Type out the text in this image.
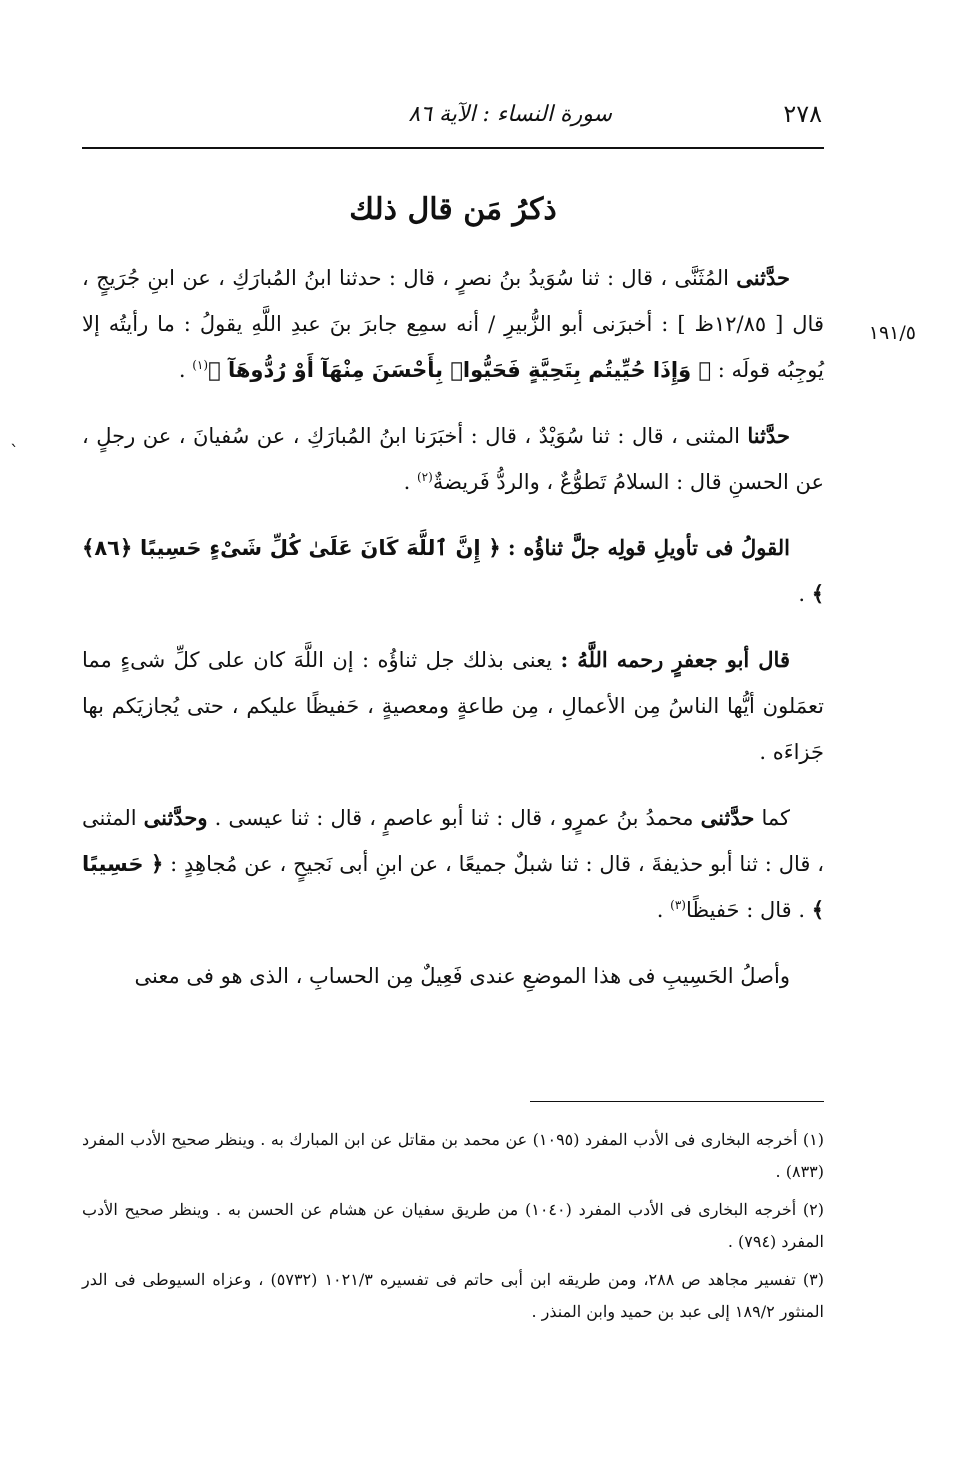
٢٧٨
سورة النساء : الآية ٨٦
ذكرُ مَن قال ذلك
١٩١/٥
`

حدَّثنى المُثَنَّى ، قال : ثنا سُوَيدُ بنُ نصرٍ ، قال : حدثنا ابنُ المُبارَكِ ، عن ابنِ جُرَيجٍ ، قال [ ١٢/٨٥ظ ] : أخبرَنى أبو الزُّبيرِ / أنه سمِع جابرَ بنَ عبدِ اللَّهِ يقولُ : ما رأيتُه إلا يُوجِبُه قولَه : ﴿ وَإِذَا حُيِّيتُم بِتَحِيَّةٍ فَحَيُّوا۟ بِأَحْسَنَ مِنْهَآ أَوْ رُدُّوهَآ ﴾$^{(١)}$ .

حدَّثنا المثنى ، قال : ثنا سُوَيْدٌ ، قال : أخبَرَنا ابنُ المُبارَكِ ، عن سُفيانَ ، عن رجلٍ ، عن الحسنِ قال : السلامُ تَطوُّعٌ ، والردُّ فَريضةٌ$^{(٢)}$ .

القولُ فى تأويلِ قولِه جلَّ ثناؤُه : ﴿ إِنَّ ٱللَّهَ كَانَ عَلَىٰ كُلِّ شَىْءٍ حَسِيبًا ﴿٨٦﴾ ﴾ .

قال أبو جعفرٍ رحمه اللَّهُ : يعنى بذلك جل ثناؤُه : إن اللَّهَ كان على كلِّ شىءٍ مما تعمَلون أيُّها الناسُ مِن الأعمالِ ، مِن طاعةٍ ومعصيةٍ ، حَفيظًا عليكم ، حتى يُجازيَكم بها جَزاءَه .

كما حدَّثنى محمدُ بنُ عمرٍو ، قال : ثنا أبو عاصمٍ ، قال : ثنا عيسى . وحدَّثنى المثنى ، قال : ثنا أبو حذيفةَ ، قال : ثنا شبلٌ جميعًا ، عن ابنِ أبى نَجيحٍ ، عن مُجاهِدٍ : ﴿ حَسِيبًا ﴾ . قال : حَفيظًا$^{(٣)}$ .

وأصلُ الحَسِيبِ فى هذا الموضعِ عندى فَعِيلٌ مِن الحسابِ ، الذى هو فى معنى

(١) أخرجه البخارى فى الأدب المفرد (١٠٩٥) عن محمد بن مقاتل عن ابن المبارك به . وينظر صحيح الأدب المفرد (٨٣٣) .

(٢) أخرجه البخارى فى الأدب المفرد (١٠٤٠) من طريق سفيان عن هشام عن الحسن به . وينظر صحيح الأدب المفرد (٧٩٤) .

(٣) تفسير مجاهد ص ٢٨٨، ومن طريقه ابن أبى حاتم فى تفسيره ١٠٢١/٣ (٥٧٣٢) ، وعزاه السيوطى فى الدر المنثور ١٨٩/٢ إلى عبد بن حميد وابن المنذر .
